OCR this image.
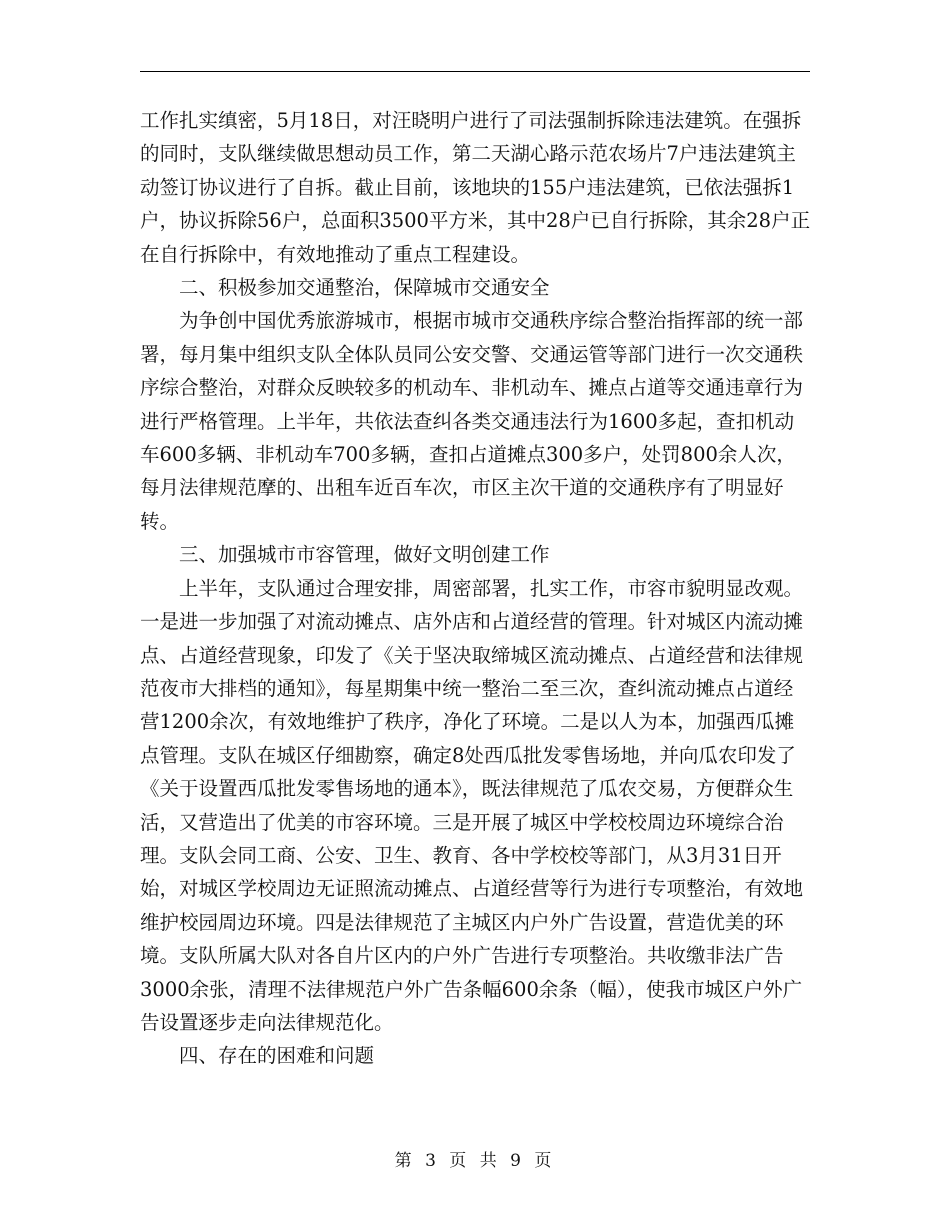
工作扎实缜密，5月18日，对汪晓明户进行了司法强制拆除违法建筑。在强拆的同时，支队继续做思想动员工作，第二天湖心路示范农场片7户违法建筑主动签订协议进行了自拆。截止目前，该地块的155户违法建筑，已依法强拆1户，协议拆除56户，总面积3500平方米，其中28户已自行拆除，其余28户正在自行拆除中，有效地推动了重点工程建设。

二、积极参加交通整治，保障城市交通安全

为争创中国优秀旅游城市，根据市城市交通秩序综合整治指挥部的统一部署，每月集中组织支队全体队员同公安交警、交通运管等部门进行一次交通秩序综合整治，对群众反映较多的机动车、非机动车、摊点占道等交通违章行为进行严格管理。上半年，共依法查纠各类交通违法行为1600多起，查扣机动车600多辆、非机动车700多辆，查扣占道摊点300多户，处罚800余人次，每月法律规范摩的、出租车近百车次，市区主次干道的交通秩序有了明显好转。

三、加强城市市容管理，做好文明创建工作

上半年，支队通过合理安排，周密部署，扎实工作，市容市貌明显改观。一是进一步加强了对流动摊点、店外店和占道经营的管理。针对城区内流动摊点、占道经营现象，印发了《关于坚决取缔城区流动摊点、占道经营和法律规范夜市大排档的通知》，每星期集中统一整治二至三次，查纠流动摊点占道经营1200余次，有效地维护了秩序，净化了环境。二是以人为本，加强西瓜摊点管理。支队在城区仔细勘察，确定8处西瓜批发零售场地，并向瓜农印发了《关于设置西瓜批发零售场地的通本》，既法律规范了瓜农交易，方便群众生活，又营造出了优美的市容环境。三是开展了城区中学校校周边环境综合治理。支队会同工商、公安、卫生、教育、各中学校校等部门，从3月31日开始，对城区学校周边无证照流动摊点、占道经营等行为进行专项整治，有效地维护校园周边环境。四是法律规范了主城区内户外广告设置，营造优美的环境。支队所属大队对各自片区内的户外广告进行专项整治。共收缴非法广告3000余张，清理不法律规范户外广告条幅600余条（幅），使我市城区户外广告设置逐步走向法律规范化。

四、存在的困难和问题

第 3 页 共 9 页
